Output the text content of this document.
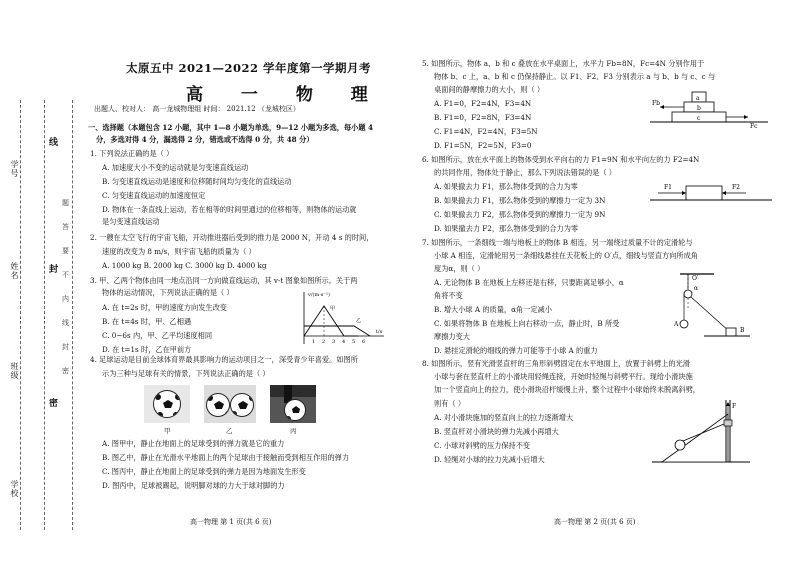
学号
姓名
班级
学校
线
封
密
题
答
要
不
内
线
封
密
太原五中 2021—2022 学年度第一学期月考
高 一 物 理
出题人、校对人： 高一龙城物理组 时间： 2021.12 （龙城校区）
一、选择题（本题包含 12 小题，其中 1—8 小题为单选，9—12 小题为多选，每小题 4
分，多选对得 4 分，漏选得 2 分，错选或不选得 0 分，共 48 分）
1. 下列说法正确的是（ ）
A. 加速度大小不变的运动就是匀变速直线运动
B. 匀变速直线运动是速度和位移随时间均匀变化的直线运动
C. 匀变速直线运动的加速度恒定
D. 物体在一条直线上运动，若在相等的时间里通过的位移相等，则物体的运动就
是匀变速直线运动
2. 一艘在太空飞行的宇宙飞船，开动推进器后受到的推力是 2000 N，开动 4 s 的时间，
速度的改变为 8 m/s，则宇宙飞船的质量为（ ）
A. 1000 kg B. 2000 kg C. 3000 kg D. 4000 kg
3. 甲、乙两个物体由同一地点沿同一方向做直线运动，其 v-t 图象如图所示。关于两
物体的运动情况，下列说法正确的是（ ）
A. 在 t=2s 时，甲的速度方向发生改变
B. 在 t=4s 时，甲、乙相遇
C. 0~6s 内，甲、乙平均速度相同
D. 在 t=1s 时，乙在甲前方
v/(m·s⁻¹)
t/s
1 2 3 4 5 6
甲
乙
4. 足球运动是目前全球体育界最具影响力的运动项目之一，深受青少年喜爱。如图所
示为三种与足球有关的情景，下列说法正确的是（ ）
甲	乙	丙
A. 图甲中，静止在地面上的足球受到的弹力就是它的重力
B. 图乙中，静止在光滑水平地面上的两个足球由于接触而受到相互作用的弹力
C. 图丙中，静止在地面上的足球受到的弹力是因为地面发生形变
D. 图丙中，足球被踢起，说明脚对球的力大于球对脚的力
高一物理 第 1 页(共 6 页)
5. 如图所示，物体 a、b 和 c 叠放在水平桌面上，水平力 Fb=8N，Fc=4N 分别作用于
物体 b、c 上，a、b 和 c 仍保持静止。以 F1、F2、F3 分别表示 a 与 b、b 与 c、c 与
桌面间的静摩擦力的大小，则（ ）
A. F1=0，F2=4N，F3=4N
B. F1=0，F2=8N，F3=4N
C. F1=4N，F2=4N，F3=5N
D. F1=5N，F2=5N，F3=0
a
b
c
Fb
Fc
6. 如图所示，放在水平面上的物体受到水平向右的力 F1=9N 和水平向左的力 F2=4N
的共同作用，物体处于静止，那么下列说法错误的是（ ）
A. 如果撤去力 F1，那么物体受到的合力为零
B. 如果撤去力 F1，那么物体受到的摩擦力一定为 3N
C. 如果撤去力 F2，那么物体受到的摩擦力一定为 9N
D. 如果撤去力 F2，那么物体受到的合力为零
F1	F2
7. 如图所示，一条细线一端与地板上的物体 B 相连，另一端绕过质量不计的定滑轮与
小球 A 相连，定滑轮用另一条细线悬挂在天花板上的 O′点，细线与竖直方向所成角
度为α，则（ ）
A. 无论物体 B 在地板上左移还是右移，只要距离足够小，α
角将不变
B. 增大小球 A 的质量，α角一定减小
C. 如果将物体 B 在地板上向右移动一点，静止时，B 所受
摩擦力变大
D. 悬挂定滑轮的细线的弹力可能等于小球 A 的重力
O′
α
A
B
8. 如图所示，竖有光滑竖直杆的三角形斜劈固定在水平地面上，放置于斜劈上的光滑
小球与套在竖直杆上的小滑块用轻绳连接，开始时轻绳与斜劈平行。现给小滑块施
加一个竖直向上的拉力，使小滑块沿杆缓慢上升，整个过程中小球始终未脱离斜劈，
则有（ ）
A. 对小滑块施加的竖直向上的拉力逐渐增大
B. 竖直杆对小滑块的弹力先减小再增大
C. 小球对斜劈的压力保持不变
D. 轻绳对小球的拉力先减小后增大
F
高一物理 第 2 页(共 6 页)
